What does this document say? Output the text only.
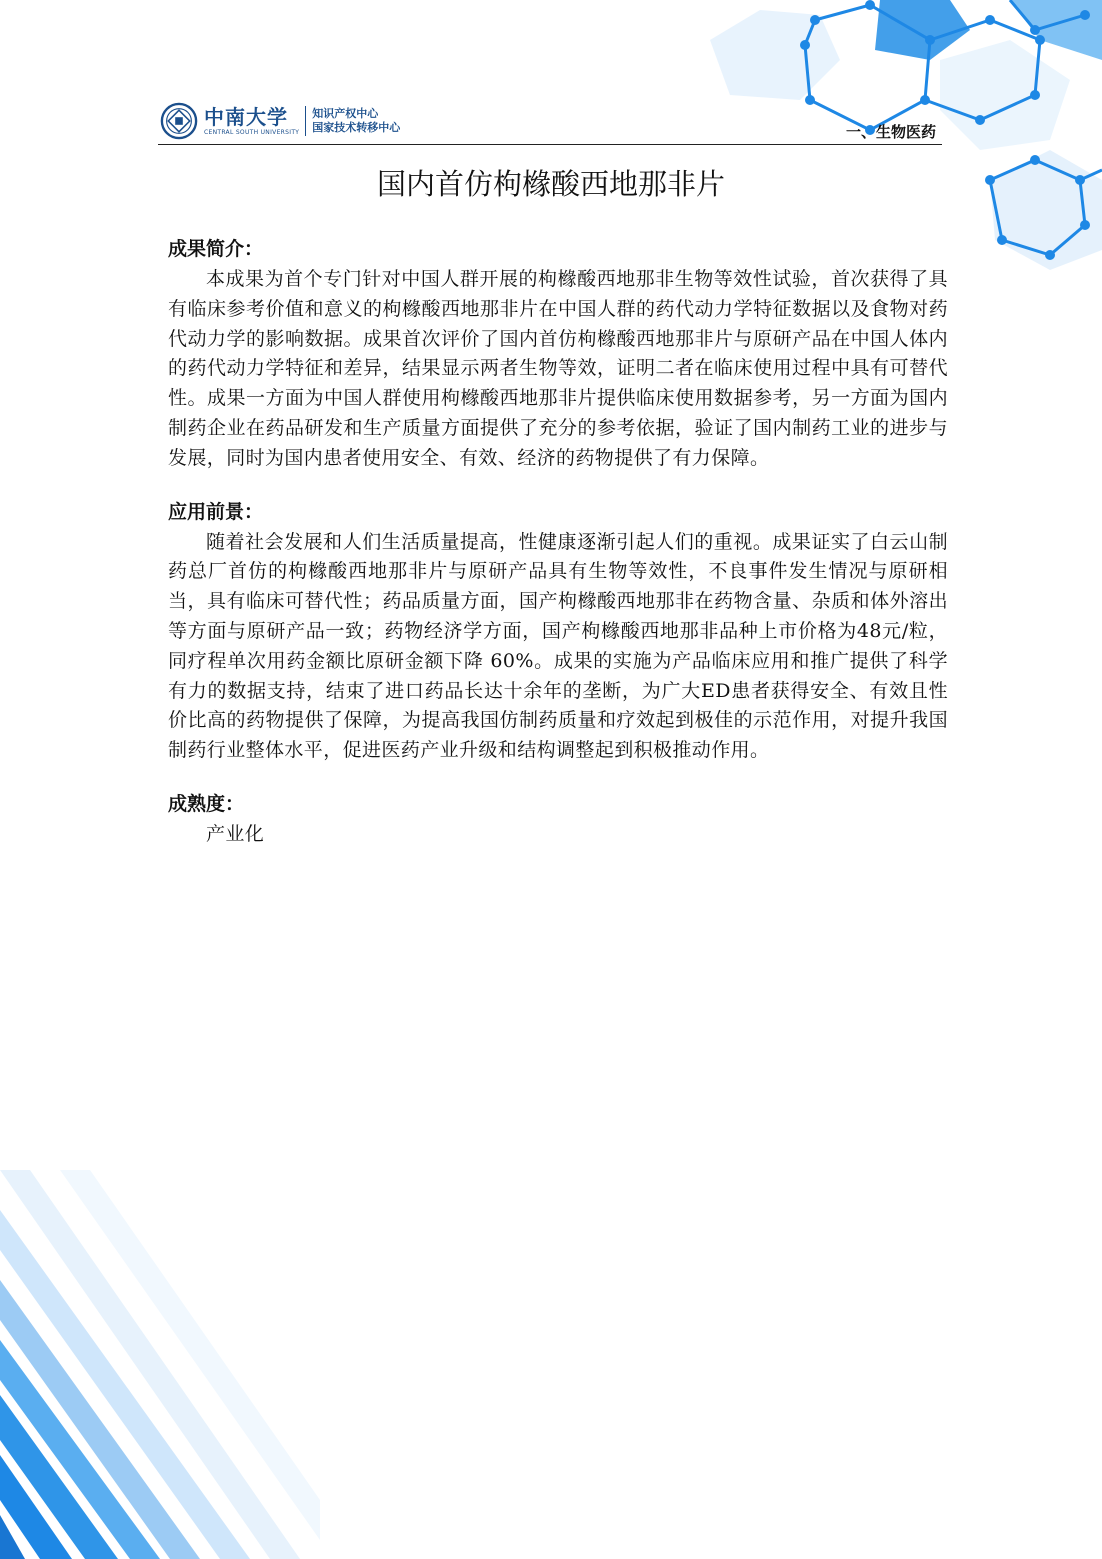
中南大学
CENTRAL SOUTH UNIVERSITY
知识产权中心
国家技术转移中心	一、生物医药
国内首仿枸橼酸西地那非片

成果简介：

本成果为首个专门针对中国人群开展的枸橼酸西地那非生物等效性试验，首次获得了具有临床参考价值和意义的枸橼酸西地那非片在中国人群的药代动力学特征数据以及食物对药代动力学的影响数据。成果首次评价了国内首仿枸橼酸西地那非片与原研产品在中国人体内的药代动力学特征和差异，结果显示两者生物等效，证明二者在临床使用过程中具有可替代性。成果一方面为中国人群使用枸橼酸西地那非片提供临床使用数据参考，另一方面为国内制药企业在药品研发和生产质量方面提供了充分的参考依据，验证了国内制药工业的进步与发展，同时为国内患者使用安全、有效、经济的药物提供了有力保障。

应用前景：

随着社会发展和人们生活质量提高，性健康逐渐引起人们的重视。成果证实了白云山制药总厂首仿的枸橼酸西地那非片与原研产品具有生物等效性，不良事件发生情况与原研相当，具有临床可替代性；药品质量方面，国产枸橼酸西地那非在药物含量、杂质和体外溶出等方面与原研产品一致；药物经济学方面，国产枸橼酸西地那非品种上市价格为48元/粒，同疗程单次用药金额比原研金额下降 60%。成果的实施为产品临床应用和推广提供了科学有力的数据支持，结束了进口药品长达十余年的垄断，为广大ED患者获得安全、有效且性价比高的药物提供了保障，为提高我国仿制药质量和疗效起到极佳的示范作用，对提升我国制药行业整体水平，促进医药产业升级和结构调整起到积极推动作用。

成熟度：

产业化
